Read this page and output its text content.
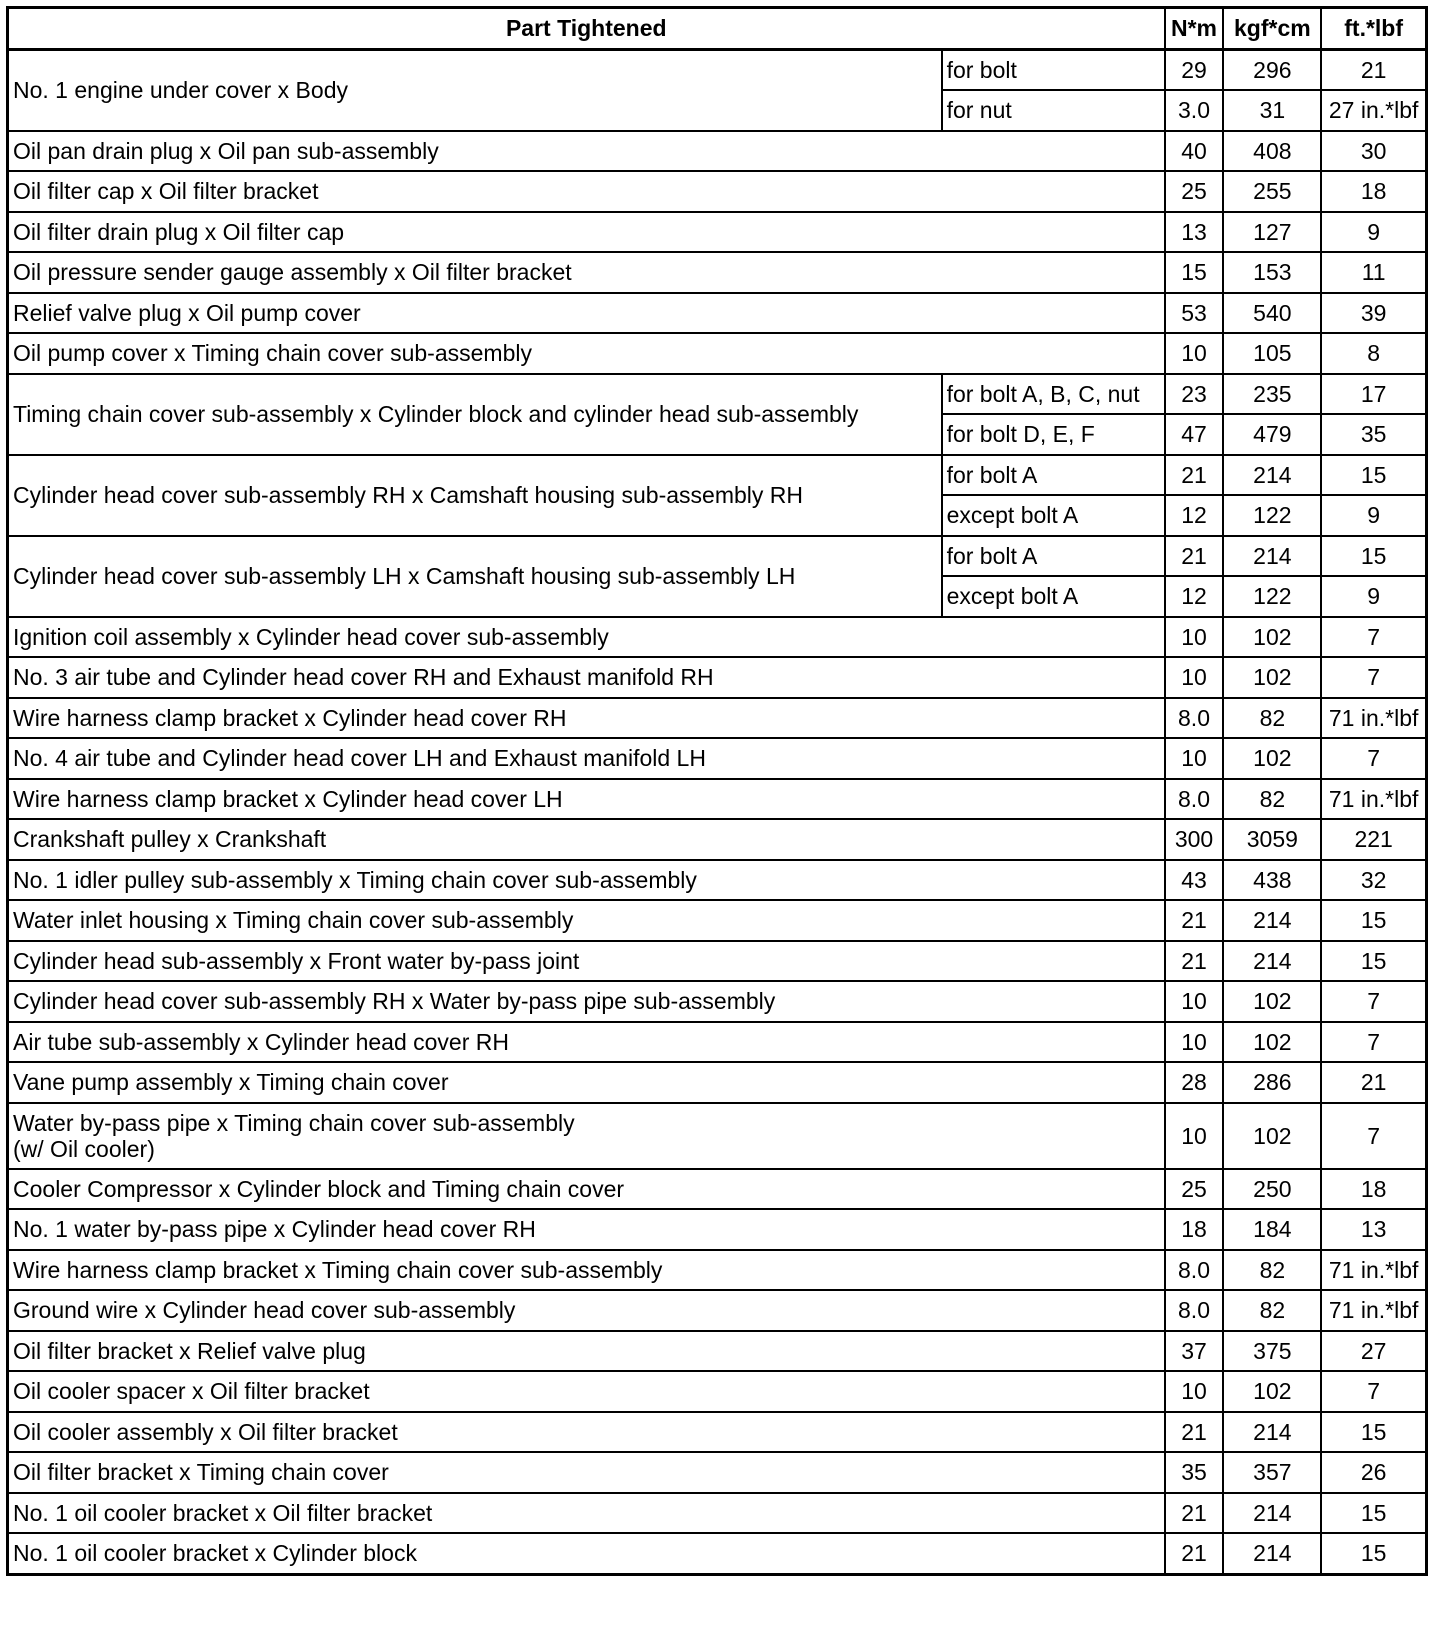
Part Tightened		N*m	kgf*cm	ft.*lbf
No. 1 engine under cover x Body	for bolt	29	296	21
	for nut	3.0	31	27 in.*lbf
Oil pan drain plug x Oil pan sub-assembly		40	408	30
Oil filter cap x Oil filter bracket		25	255	18
Oil filter drain plug x Oil filter cap		13	127	9
Oil pressure sender gauge assembly x Oil filter bracket		15	153	11
Relief valve plug x Oil pump cover		53	540	39
Oil pump cover x Timing chain cover sub-assembly		10	105	8
Timing chain cover sub-assembly x Cylinder block and cylinder head sub-assembly	for bolt A, B, C, nut	23	235	17
	for bolt D, E, F	47	479	35
Cylinder head cover sub-assembly RH x Camshaft housing sub-assembly RH	for bolt A	21	214	15
	except bolt A	12	122	9
Cylinder head cover sub-assembly LH x Camshaft housing sub-assembly LH	for bolt A	21	214	15
	except bolt A	12	122	9
Ignition coil assembly x Cylinder head cover sub-assembly		10	102	7
No. 3 air tube and Cylinder head cover RH and Exhaust manifold RH		10	102	7
Wire harness clamp bracket x Cylinder head cover RH		8.0	82	71 in.*lbf
No. 4 air tube and Cylinder head cover LH and Exhaust manifold LH		10	102	7
Wire harness clamp bracket x Cylinder head cover LH		8.0	82	71 in.*lbf
Crankshaft pulley x Crankshaft		300	3059	221
No. 1 idler pulley sub-assembly x Timing chain cover sub-assembly		43	438	32
Water inlet housing x Timing chain cover sub-assembly		21	214	15
Cylinder head sub-assembly x Front water by-pass joint		21	214	15
Cylinder head cover sub-assembly RH x Water by-pass pipe sub-assembly		10	102	7
Air tube sub-assembly x Cylinder head cover RH		10	102	7
Vane pump assembly x Timing chain cover		28	286	21
Water by-pass pipe x Timing chain cover sub-assembly
(w/ Oil cooler)		10	102	7
Cooler Compressor x Cylinder block and Timing chain cover		25	250	18
No. 1 water by-pass pipe x Cylinder head cover RH		18	184	13
Wire harness clamp bracket x Timing chain cover sub-assembly		8.0	82	71 in.*lbf
Ground wire x Cylinder head cover sub-assembly		8.0	82	71 in.*lbf
Oil filter bracket x Relief valve plug		37	375	27
Oil cooler spacer x Oil filter bracket		10	102	7
Oil cooler assembly x Oil filter bracket		21	214	15
Oil filter bracket x Timing chain cover		35	357	26
No. 1 oil cooler bracket x Oil filter bracket		21	214	15
No. 1 oil cooler bracket x Cylinder block		21	214	15
